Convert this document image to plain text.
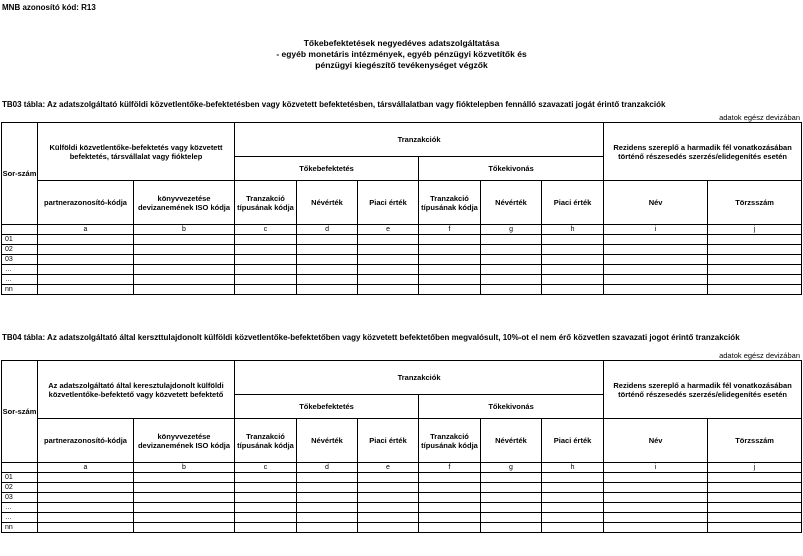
MNB azonosító kód: R13
Tőkebefektetések negyedéves adatszolgáltatása
- egyéb monetáris intézmények, egyéb pénzügyi közvetítők és
pénzügyi kiegészítő tevékenységet végzők
TB03 tábla: Az adatszolgáltató külföldi közvetlentőke-befektetésben vagy közvetett befektetésben, társvállalatban vagy fióktelepben fennálló szavazati jogát érintő tranzakciók
adatok egész devizában
Sor-szám	Külföldi közvetlentőke-befektetés vagy közvetett befektetés, társvállalat vagy fióktelep		Tranzakciók						Rezidens szereplő a harmadik fél vonatkozásában történő részesedés szerzés/elidegenítés esetén	
			Tőkebefektetés			Tőkekivonás				
	partnerazonosító-kódja	könyvvezetése devizanemének ISO kódja	Tranzakció típusának kódja	Névérték	Piaci érték	Tranzakció típusának kódja	Névérték	Piaci érték	Név	Törzsszám
	a	b	c	d	e	f	g	h	i	j
01										
02										
03										
…										
…										
nn										
TB04 tábla: Az adatszolgáltató által kerszttulajdonolt külföldi közvetlentőke-befektetőben vagy közvetett befektetőben megvalósult, 10%-ot el nem érő közvetlen szavazati jogot érintő tranzakciók
adatok egész devizában
Sor-szám	Az adatszolgáltató által keresztulajdonolt külföldi közvetlentőke-befektető vagy közvetett befektető		Tranzakciók						Rezidens szereplő a harmadik fél vonatkozásában történő részesedés szerzés/elidegenítés esetén	
			Tőkebefektetés			Tőkekivonás				
	partnerazonosító-kódja	könyvvezetése devizanemének ISO kódja	Tranzakció típusának kódja	Névérték	Piaci érték	Tranzakció típusának kódja	Névérték	Piaci érték	Név	Törzsszám
	a	b	c	d	e	f	g	h	i	j
01										
02										
03										
…										
…										
nn										
